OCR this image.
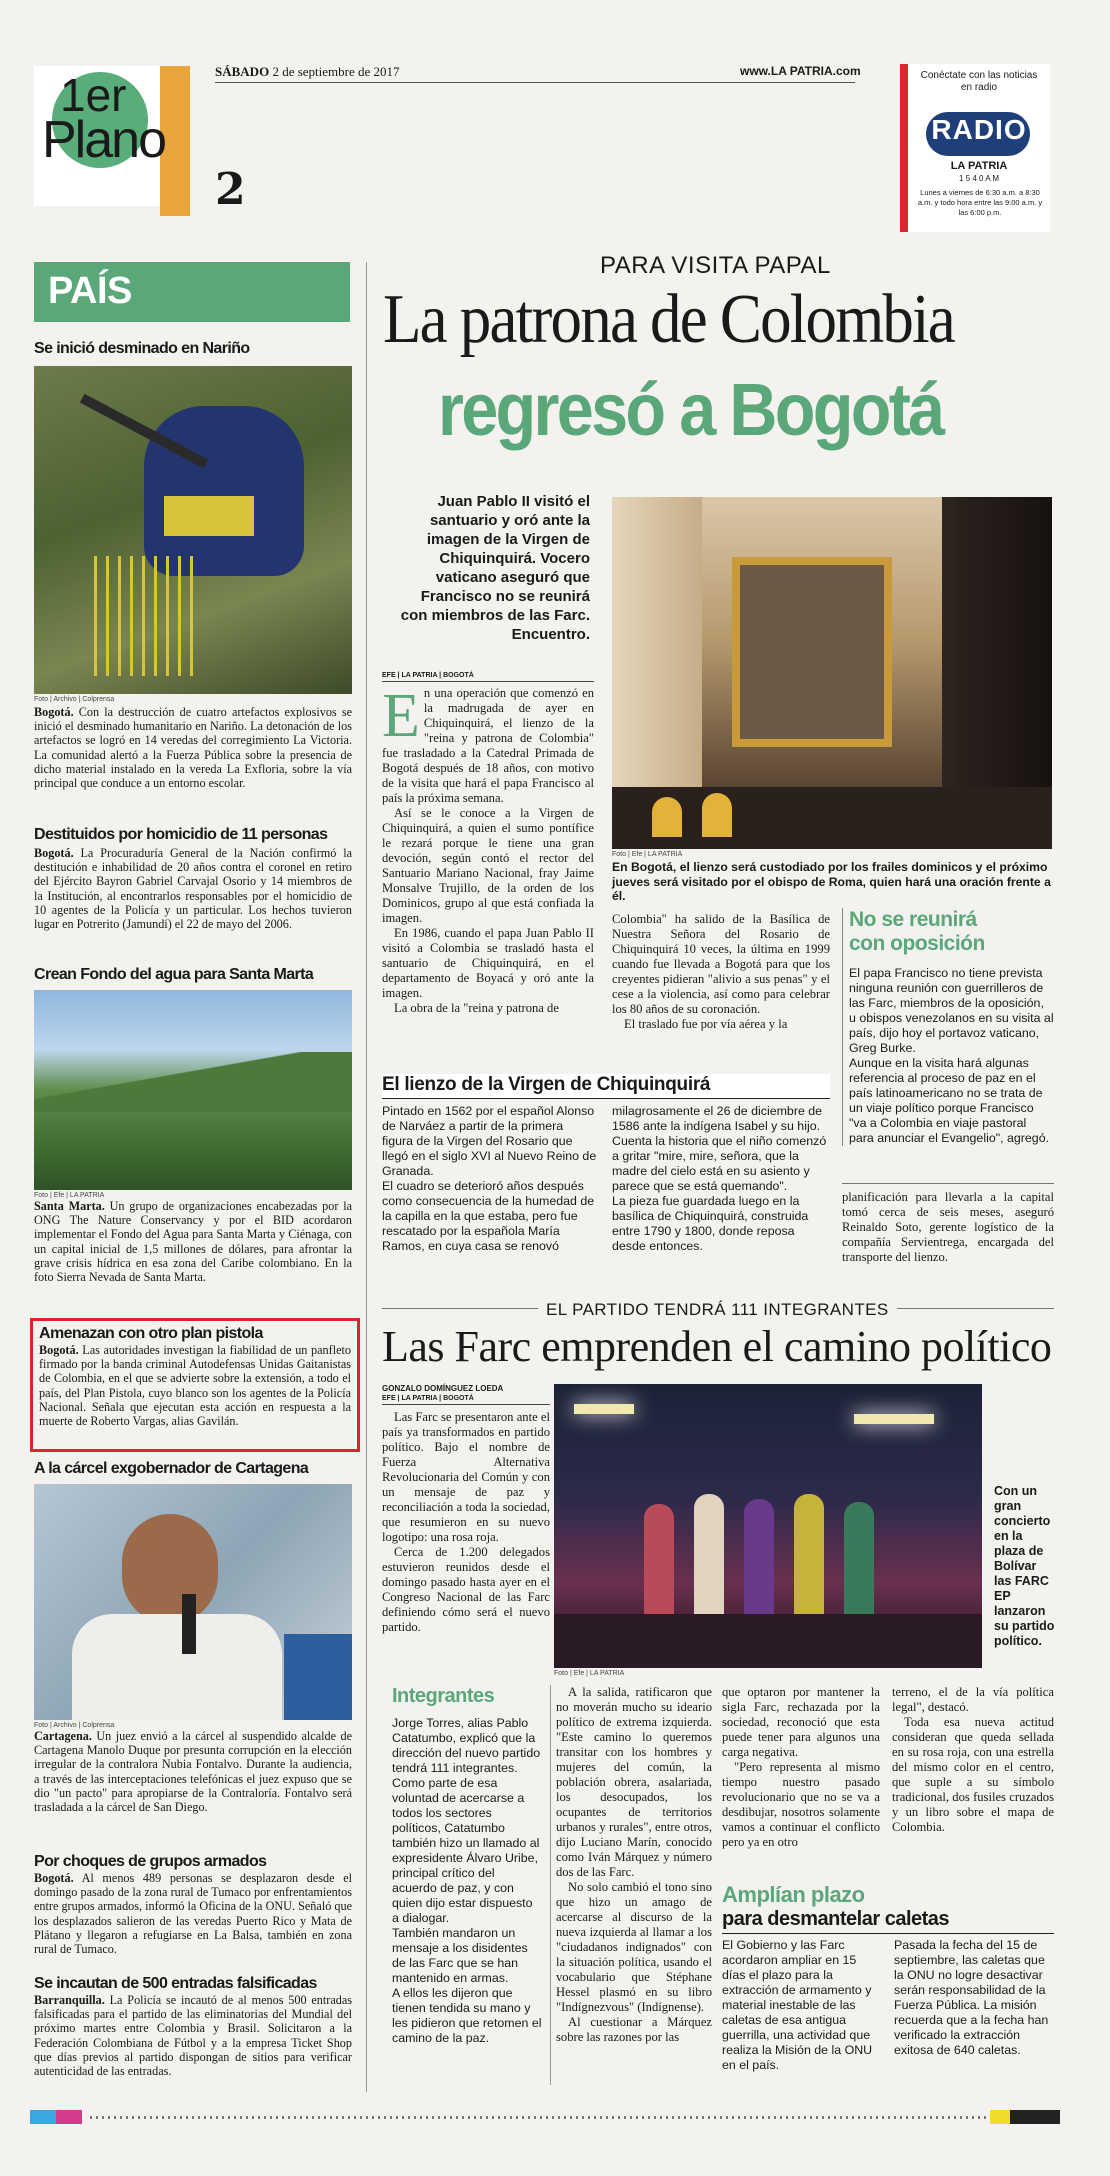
1er
Plano
2
SÁBADO 2 de septiembre de 2017	www.LA PATRIA.com	Conéctate con las noticias en radio
RADIO
LA PATRIA
1 5 4 0 A M
Lunes a viernes de 6:30 a.m. a 8:30 a.m. y todo hora entre las 9:00 a.m. y las 6:00 p.m.
PAÍS
Se inició desminado en Nariño
Foto | Archivo | Colprensa
Bogotá. Con la destrucción de cuatro artefactos explosivos se inició el desminado humanitario en Nariño. La detonación de los artefactos se logró en 14 veredas del corregimiento La Victoria. La comunidad alertó a la Fuerza Pública sobre la presencia de dicho material instalado en la vereda La Exfloria, sobre la vía principal que conduce a un entorno escolar.
Destituidos por homicidio de 11 personas
Bogotá. La Procuraduría General de la Nación confirmó la destitución e inhabilidad de 20 años contra el coronel en retiro del Ejército Bayron Gabriel Carvajal Osorio y 14 miembros de la Institución, al encontrarlos responsables por el homicidio de 10 agentes de la Policía y un particular. Los hechos tuvieron lugar en Potrerito (Jamundí) el 22 de mayo del 2006.
Crean Fondo del agua para Santa Marta
Foto | Efe | LA PATRIA
Santa Marta. Un grupo de organizaciones encabezadas por la ONG The Nature Conservancy y por el BID acordaron implementar el Fondo del Agua para Santa Marta y Ciénaga, con un capital inicial de 1,5 millones de dólares, para afrontar la grave crisis hídrica en esa zona del Caribe colombiano. En la foto Sierra Nevada de Santa Marta.
Amenazan con otro plan pistola
Bogotá. Las autoridades investigan la fiabilidad de un panfleto firmado por la banda criminal Autodefensas Unidas Gaitanistas de Colombia, en el que se advierte sobre la extensión, a todo el país, del Plan Pistola, cuyo blanco son los agentes de la Policía Nacional. Señala que ejecutan esta acción en respuesta a la muerte de Roberto Vargas, alias Gavilán.
A la cárcel exgobernador de Cartagena
Foto | Archivo | Colprensa
Cartagena. Un juez envió a la cárcel al suspendido alcalde de Cartagena Manolo Duque por presunta corrupción en la elección irregular de la contralora Nubia Fontalvo. Durante la audiencia, a través de las interceptaciones telefónicas el juez expuso que se dio "un pacto" para apropiarse de la Contraloría. Fontalvo será trasladada a la cárcel de San Diego.
Por choques de grupos armados
Bogotá. Al menos 489 personas se desplazaron desde el domingo pasado de la zona rural de Tumaco por enfrentamientos entre grupos armados, informó la Oficina de la ONU. Señaló que los desplazados salieron de las veredas Puerto Rico y Mata de Plátano y llegaron a refugiarse en La Balsa, también en zona rural de Tumaco.
Se incautan de 500 entradas falsificadas
Barranquilla. La Policía se incautó de al menos 500 entradas falsificadas para el partido de las eliminatorias del Mundial del próximo martes entre Colombia y Brasil. Solicitaron a la Federación Colombiana de Fútbol y a la empresa Ticket Shop que días previos al partido dispongan de sitios para verificar autenticidad de las entradas.
PARA VISITA PAPAL
La patrona de Colombia
regresó a Bogotá
Juan Pablo II visitó el santuario y oró ante la imagen de la Virgen de Chiquinquirá. Vocero vaticano aseguró que Francisco no se reunirá con miembros de las Farc. Encuentro.
EFE | LA PATRIA | BOGOTÁ
En una operación que comenzó en la madrugada de ayer en Chiquinquirá, el lienzo de la "reina y patrona de Colombia" fue trasladado a la Catedral Primada de Bogotá después de 18 años, con motivo de la visita que hará el papa Francisco al país la próxima semana.
Así se le conoce a la Virgen de Chiquinquirá, a quien el sumo pontífice le rezará porque le tiene una gran devoción, según contó el rector del Santuario Mariano Nacional, fray Jaime Monsalve Trujillo, de la orden de los Dominicos, grupo al que está confiada la imagen.
En 1986, cuando el papa Juan Pablo II visitó a Colombia se trasladó hasta el santuario de Chiquinquirá, en el departamento de Boyacá y oró ante la imagen.
La obra de la "reina y patrona de
Foto | Efe | LA PATRIA
En Bogotá, el lienzo será custodiado por los frailes dominicos y el próximo jueves será visitado por el obispo de Roma, quien hará una oración frente a él.
Colombia" ha salido de la Basílica de Nuestra Señora del Rosario de Chiquinquirá 10 veces, la última en 1999 cuando fue llevada a Bogotá para que los creyentes pidieran "alivio a sus penas" y el cese a la violencia, así como para celebrar los 80 años de su coronación.
El traslado fue por vía aérea y la
No se reunirá con oposición
El papa Francisco no tiene prevista ninguna reunión con guerrilleros de las Farc, miembros de la oposición, u obispos venezolanos en su visita al país, dijo hoy el portavoz vaticano, Greg Burke.
Aunque en la visita hará algunas referencia al proceso de paz en el país latinoamericano no se trata de un viaje político porque Francisco "va a Colombia en viaje pastoral para anunciar el Evangelio", agregó.
planificación para llevarla a la capital tomó cerca de seis meses, aseguró Reinaldo Soto, gerente logístico de la compañía Servientrega, encargada del transporte del lienzo.
El lienzo de la Virgen de Chiquinquirá
Pintado en 1562 por el español Alonso de Narváez a partir de la primera figura de la Virgen del Rosario que llegó en el siglo XVI al Nuevo Reino de Granada.
El cuadro se deterioró años después como consecuencia de la humedad de la capilla en la que estaba, pero fue rescatado por la española María Ramos, en cuya casa se renovó
milagrosamente el 26 de diciembre de 1586 ante la indígena Isabel y su hijo. Cuenta la historia que el niño comenzó a gritar "mire, mire, señora, que la madre del cielo está en su asiento y parece que se está quemando".
La pieza fue guardada luego en la basílica de Chiquinquirá, construida entre 1790 y 1800, donde reposa desde entonces.
EL PARTIDO TENDRÁ 111 INTEGRANTES
Las Farc emprenden el camino político
GONZALO DOMÍNGUEZ LOEDA
EFE | LA PATRIA | BOGOTÁ
Las Farc se presentaron ante el país ya transformados en partido político. Bajo el nombre de Fuerza Alternativa Revolucionaria del Común y con un mensaje de paz y reconciliación a toda la sociedad, que resumieron en su nuevo logotipo: una rosa roja.
Cerca de 1.200 delegados estuvieron reunidos desde el domingo pasado hasta ayer en el Congreso Nacional de las Farc definiendo cómo será el nuevo partido.
Foto | Efe | LA PATRIA
Con un gran concierto en la plaza de Bolívar las FARC EP lanzaron su partido político.
Integrantes
Jorge Torres, alias Pablo Catatumbo, explicó que la dirección del nuevo partido tendrá 111 integrantes.
Como parte de esa voluntad de acercarse a todos los sectores políticos, Catatumbo también hizo un llamado al expresidente Álvaro Uribe, principal crítico del acuerdo de paz, y con quien dijo estar dispuesto a dialogar.
También mandaron un mensaje a los disidentes de las Farc que se han mantenido en armas.
A ellos les dijeron que tienen tendida su mano y les pidieron que retomen el camino de la paz.
A la salida, ratificaron que no moverán mucho su ideario político de extrema izquierda. "Este camino lo queremos transitar con los hombres y mujeres del común, la población obrera, asalariada, los desocupados, los ocupantes de territorios urbanos y rurales", entre otros, dijo Luciano Marín, conocido como Iván Márquez y número dos de las Farc.
No solo cambió el tono sino que hizo un amago de acercarse al discurso de la nueva izquierda al llamar a los "ciudadanos indignados" con la situación política, usando el vocabulario que Stéphane Hessel plasmó en su libro "Indígnezvous" (Indígnense).
Al cuestionar a Márquez sobre las razones por las
que optaron por mantener la sigla Farc, rechazada por la sociedad, reconoció que esta puede tener para algunos una carga negativa.
"Pero representa al mismo tiempo nuestro pasado revolucionario que no se va a desdibujar, nosotros solamente vamos a continuar el conflicto pero ya en otro
terreno, el de la vía política legal", destacó.
Toda esa nueva actitud consideran que queda sellada en su rosa roja, con una estrella del mismo color en el centro, que suple a su símbolo tradicional, dos fusiles cruzados y un libro sobre el mapa de Colombia.
Amplían plazo
para desmantelar caletas
El Gobierno y las Farc acordaron ampliar en 15 días el plazo para la extracción de armamento y material inestable de las caletas de esa antigua guerrilla, una actividad que realiza la Misión de la ONU en el país.
Pasada la fecha del 15 de septiembre, las caletas que la ONU no logre desactivar serán responsabilidad de la Fuerza Pública. La misión recuerda que a la fecha han verificado la extracción exitosa de 640 caletas.
